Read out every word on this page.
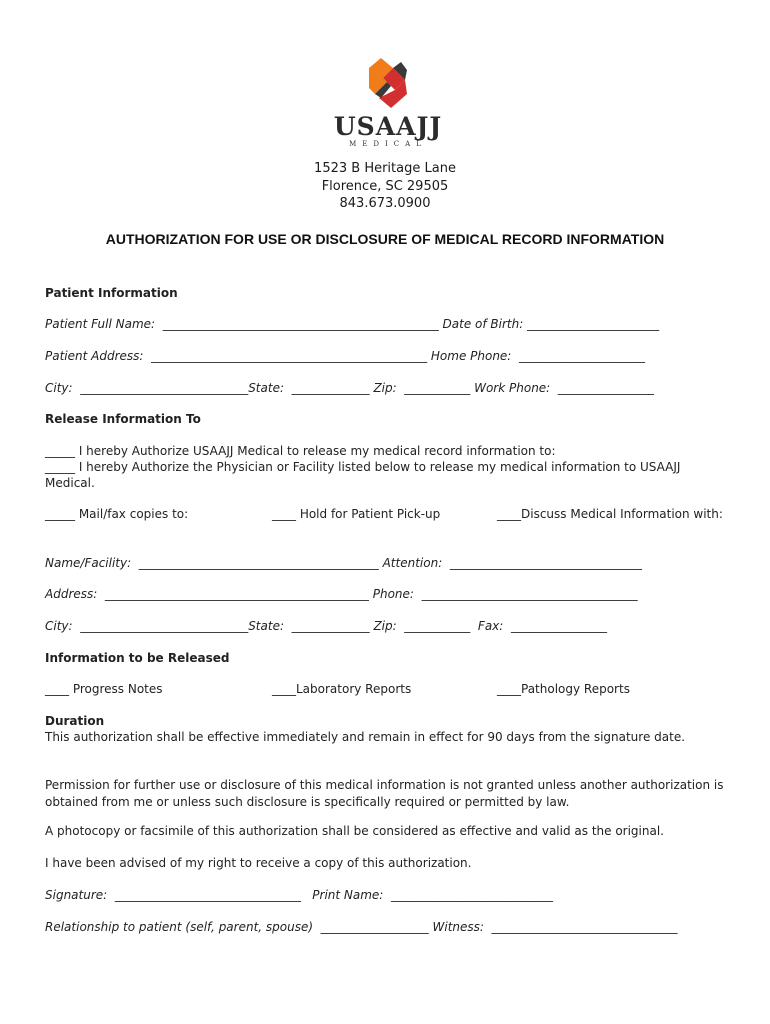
USAAJJ
MEDICAL
1523 B Heritage Lane
Florence, SC 29505
843.673.0900
AUTHORIZATION FOR USE OR DISCLOSURE OF MEDICAL RECORD INFORMATION
Patient Information
Patient Full Name:  ______________________________________________ Date of Birth: ______________________
Patient Address:  ______________________________________________ Home Phone:  _____________________
City:  ____________________________State:  _____________ Zip:  ___________ Work Phone:  ________________
Release Information To
_____ I hereby Authorize USAAJJ Medical to release my medical record information to:
_____ I hereby Authorize the Physician or Facility listed below to release my medical information to USAAJJ
Medical.
_____ Mail/fax copies to:	____ Hold for Patient Pick-up	____Discuss Medical Information with:
Name/Facility:  ________________________________________ Attention:  ________________________________
Address:  ____________________________________________ Phone:  ____________________________________
City:  ____________________________State:  _____________ Zip:  ___________  Fax:  ________________
Information to be Released
____ Progress Notes	____Laboratory Reports	____Pathology Reports
Duration
This authorization shall be effective immediately and remain in effect for 90 days from the signature date.
Permission for further use or disclosure of this medical information is not granted unless another authorization is obtained from me or unless such disclosure is specifically required or permitted by law.
A photocopy or facsimile of this authorization shall be considered as effective and valid as the original.
I have been advised of my right to receive a copy of this authorization.
Signature:  _______________________________   Print Name:  ___________________________
Relationship to patient (self, parent, spouse)  __________________ Witness:  _______________________________
